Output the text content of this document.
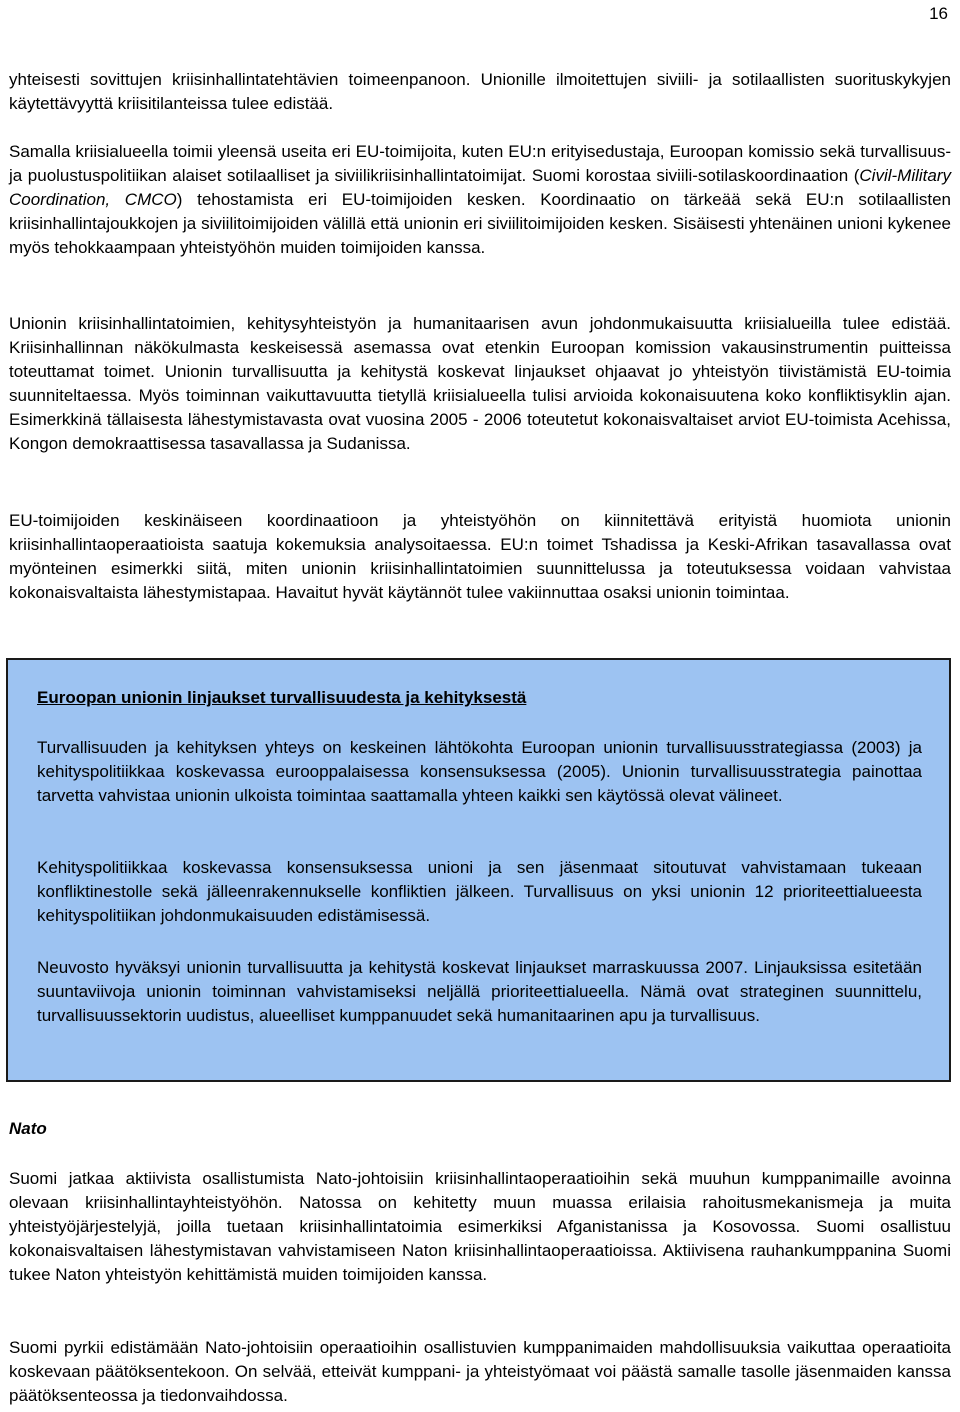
16

yhteisesti sovittujen kriisinhallintatehtävien toimeenpanoon. Unionille ilmoitettujen siviili- ja sotilaallisten suorituskykyjen käytettävyyttä kriisitilanteissa tulee edistää.

Samalla kriisialueella toimii yleensä useita eri EU-toimijoita, kuten EU:n erityisedustaja, Euroopan komissio sekä turvallisuus- ja puolustuspolitiikan alaiset sotilaalliset ja siviilikriisinhallintatoimijat. Suomi korostaa siviili-sotilaskoordinaation (Civil-Military Coordination, CMCO) tehostamista eri EU-toimijoiden kesken. Koordinaatio on tärkeää sekä EU:n sotilaallisten kriisinhallintajoukkojen ja siviilitoimijoiden välillä että unionin eri siviilitoimijoiden kesken. Sisäisesti yhtenäinen unioni kykenee myös tehokkaampaan yhteistyöhön muiden toimijoiden kanssa.

Unionin kriisinhallintatoimien, kehitysyhteistyön ja humanitaarisen avun johdonmukaisuutta kriisialueilla tulee edistää. Kriisinhallinnan näkökulmasta keskeisessä asemassa ovat etenkin Euroopan komission vakausinstrumentin puitteissa toteuttamat toimet. Unionin turvallisuutta ja kehitystä koskevat linjaukset ohjaavat jo yhteistyön tiivistämistä EU-toimia suunniteltaessa. Myös toiminnan vaikuttavuutta tietyllä kriisialueella tulisi arvioida kokonaisuutena koko konfliktisyklin ajan. Esimerkkinä tällaisesta lähestymistavasta ovat vuosina 2005 - 2006 toteutetut kokonaisvaltaiset arviot EU-toimista Acehissa, Kongon demokraattisessa tasavallassa ja Sudanissa.

EU-toimijoiden keskinäiseen koordinaatioon ja yhteistyöhön on kiinnitettävä erityistä huomiota unionin kriisinhallintaoperaatioista saatuja kokemuksia analysoitaessa. EU:n toimet Tshadissa ja Keski-Afrikan tasavallassa ovat myönteinen esimerkki siitä, miten unionin kriisinhallintatoimien suunnittelussa ja toteutuksessa voidaan vahvistaa kokonaisvaltaista lähestymistapaa. Havaitut hyvät käytännöt tulee vakiinnuttaa osaksi unionin toimintaa.

Euroopan unionin linjaukset turvallisuudesta ja kehityksestä

Turvallisuuden ja kehityksen yhteys on keskeinen lähtökohta Euroopan unionin turvallisuusstrategiassa (2003) ja kehityspolitiikkaa koskevassa eurooppalaisessa konsensuksessa (2005). Unionin turvallisuusstrategia painottaa tarvetta vahvistaa unionin ulkoista toimintaa saattamalla yhteen kaikki sen käytössä olevat välineet.

Kehityspolitiikkaa koskevassa konsensuksessa unioni ja sen jäsenmaat sitoutuvat vahvistamaan tukeaan konfliktinestolle sekä jälleenrakennukselle konfliktien jälkeen. Turvallisuus on yksi unionin 12 prioriteettialueesta kehityspolitiikan johdonmukaisuuden edistämisessä.

Neuvosto hyväksyi unionin turvallisuutta ja kehitystä koskevat linjaukset marraskuussa 2007. Linjauksissa esitetään suuntaviivoja unionin toiminnan vahvistamiseksi neljällä prioriteettialueella. Nämä ovat strateginen suunnittelu, turvallisuussektorin uudistus, alueelliset kumppanuudet sekä humanitaarinen apu ja turvallisuus.

Nato

Suomi jatkaa aktiivista osallistumista Nato-johtoisiin kriisinhallintaoperaatioihin sekä muuhun kumppanimaille avoinna olevaan kriisinhallintayhteistyöhön. Natossa on kehitetty muun muassa erilaisia rahoitusmekanismeja ja muita yhteistyöjärjestelyjä, joilla tuetaan kriisinhallintatoimia esimerkiksi Afganistanissa ja Kosovossa. Suomi osallistuu kokonaisvaltaisen lähestymistavan vahvistamiseen Naton kriisinhallintaoperaatioissa. Aktiivisena rauhankumppanina Suomi tukee Naton yhteistyön kehittämistä muiden toimijoiden kanssa.

Suomi pyrkii edistämään Nato-johtoisiin operaatioihin osallistuvien kumppanimaiden mahdollisuuksia vaikuttaa operaatioita koskevaan päätöksentekoon. On selvää, etteivät kumppani- ja yhteistyömaat voi päästä samalle tasolle jäsenmaiden kanssa päätöksenteossa ja tiedonvaihdossa.
